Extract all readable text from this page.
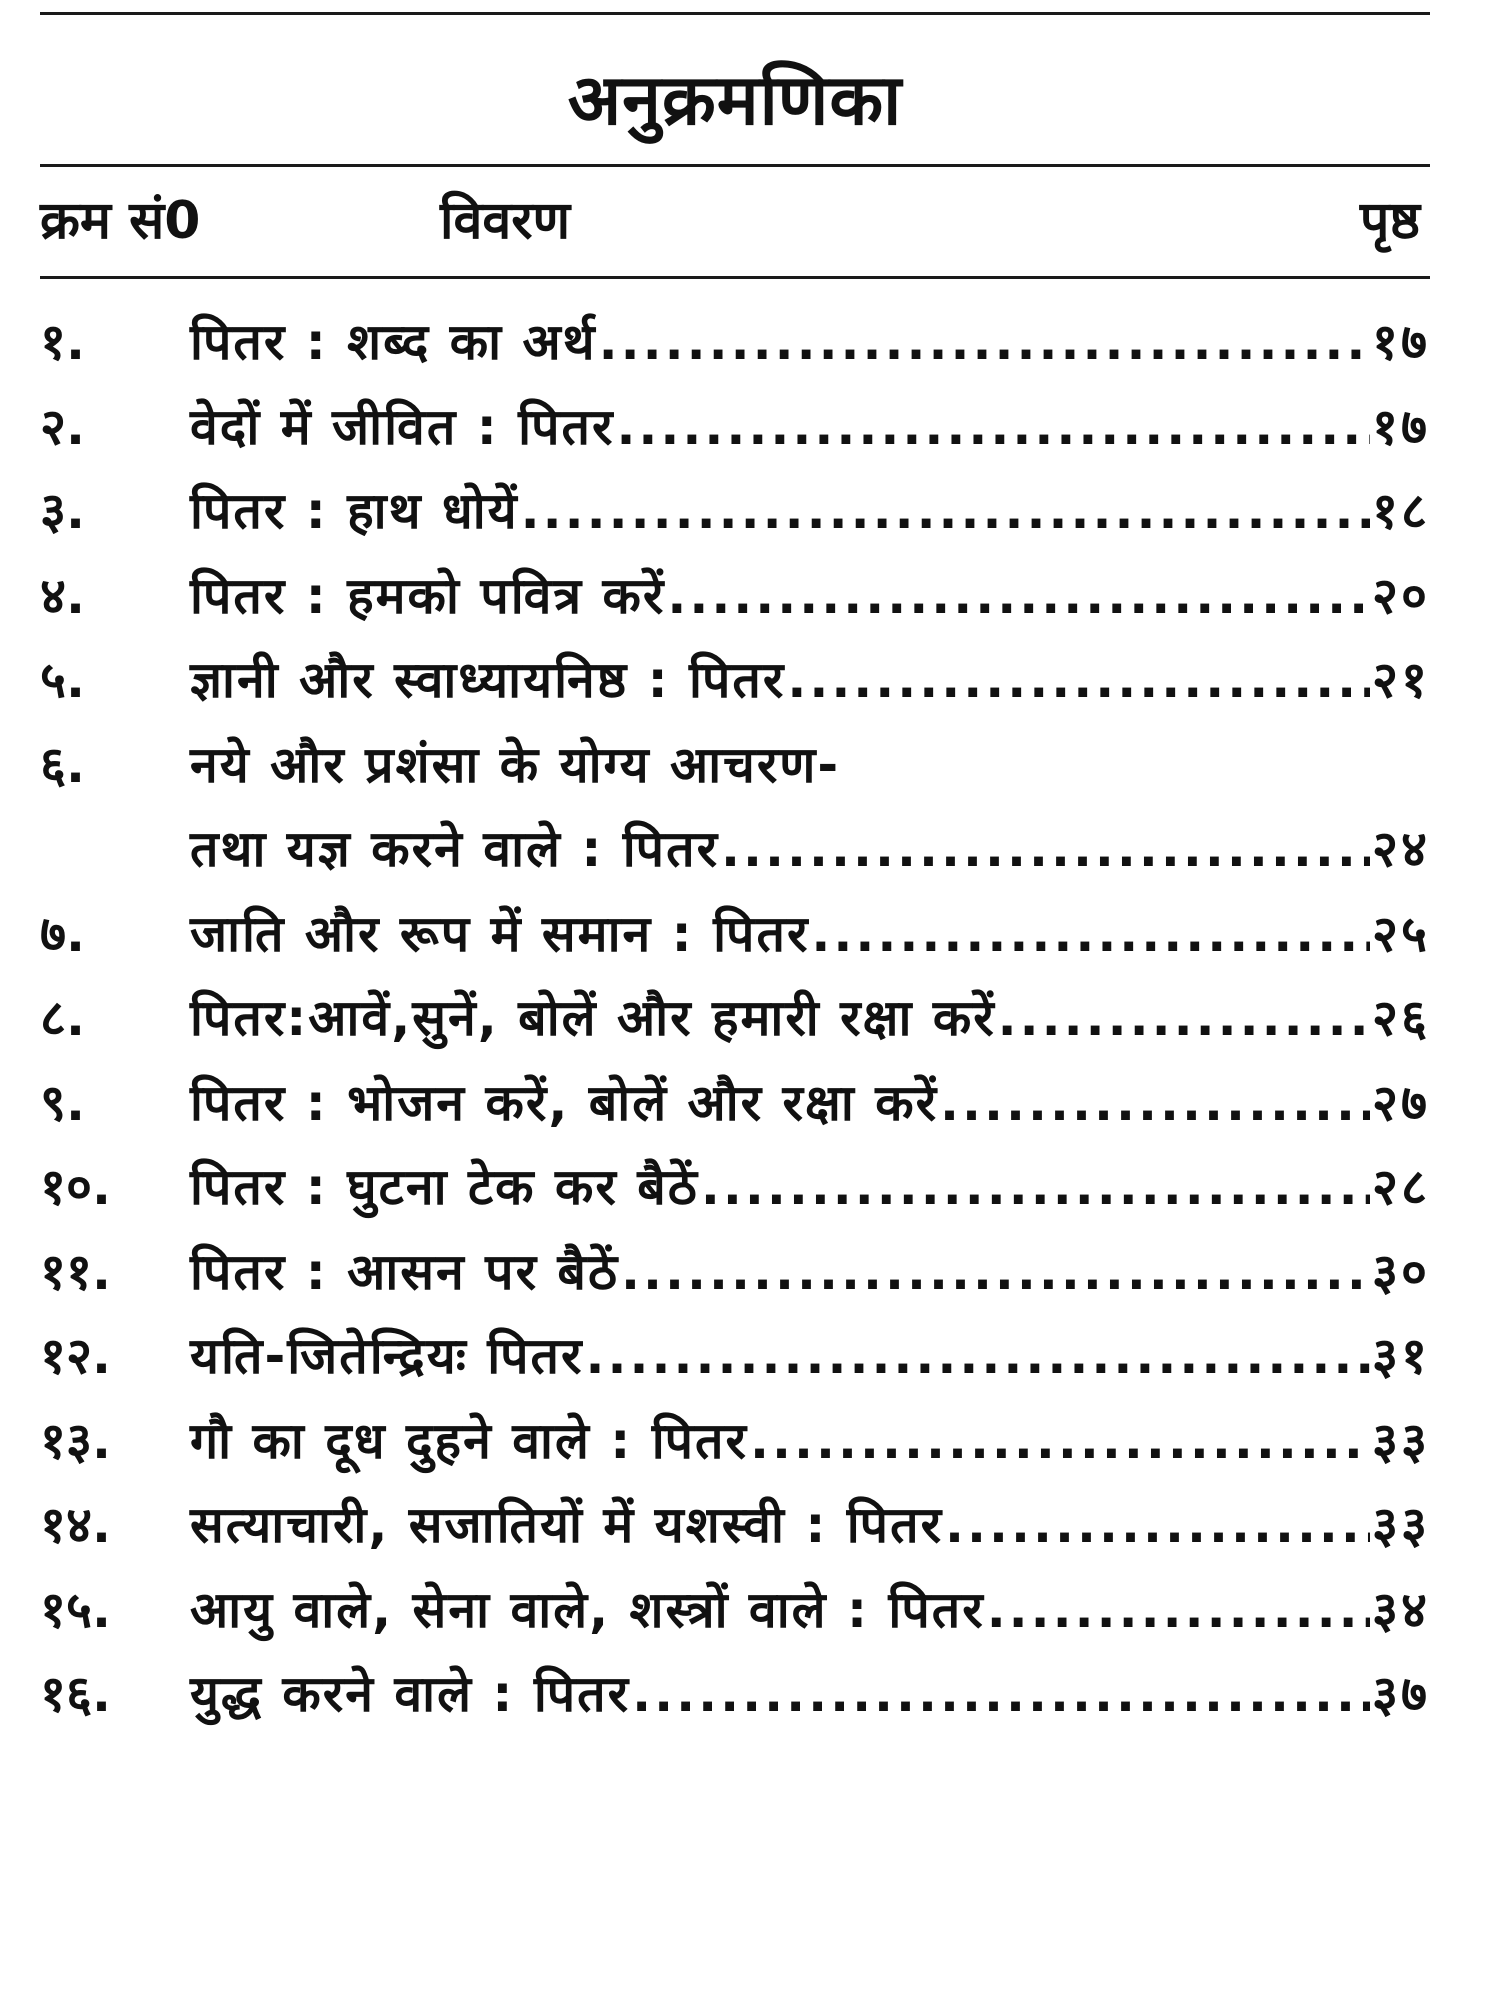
अनुक्रमणिका
क्रम सं0	विवरण	पृष्ठ
१.	पितर : शब्द का अर्थ .....	१७
२.	वेदों में जीवित : पितर .....	१७
३.	पितर : हाथ धोयें .....	१८
४.	पितर : हमको पवित्र करें .....	२०
५.	ज्ञानी और स्वाध्यायनिष्ठ : पितर .....	२१
६.	नये और प्रशंसा के योग्य आचरण-
तथा यज्ञ करने वाले : पितर .....	२४
७.	जाति और रूप में समान : पितर .....	२५
८.	पितर:आवें,सुनें, बोलें और हमारी रक्षा करें .....	२६
९.	पितर : भोजन करें, बोलें और रक्षा करें .....	२७
१०.	पितर : घुटना टेक कर बैठें .....	२८
११.	पितर : आसन पर बैठें .....	३०
१२.	यति-जितेन्द्रियः पितर .....	३१
१३.	गौ का दूध दुहने वाले : पितर .....	३३
१४.	सत्याचारी, सजातियों में यशस्वी : पितर .....	३३
१५.	आयु वाले, सेना वाले, शस्त्रों वाले : पितर .....	३४
१६.	युद्ध करने वाले : पितर .....	३७
